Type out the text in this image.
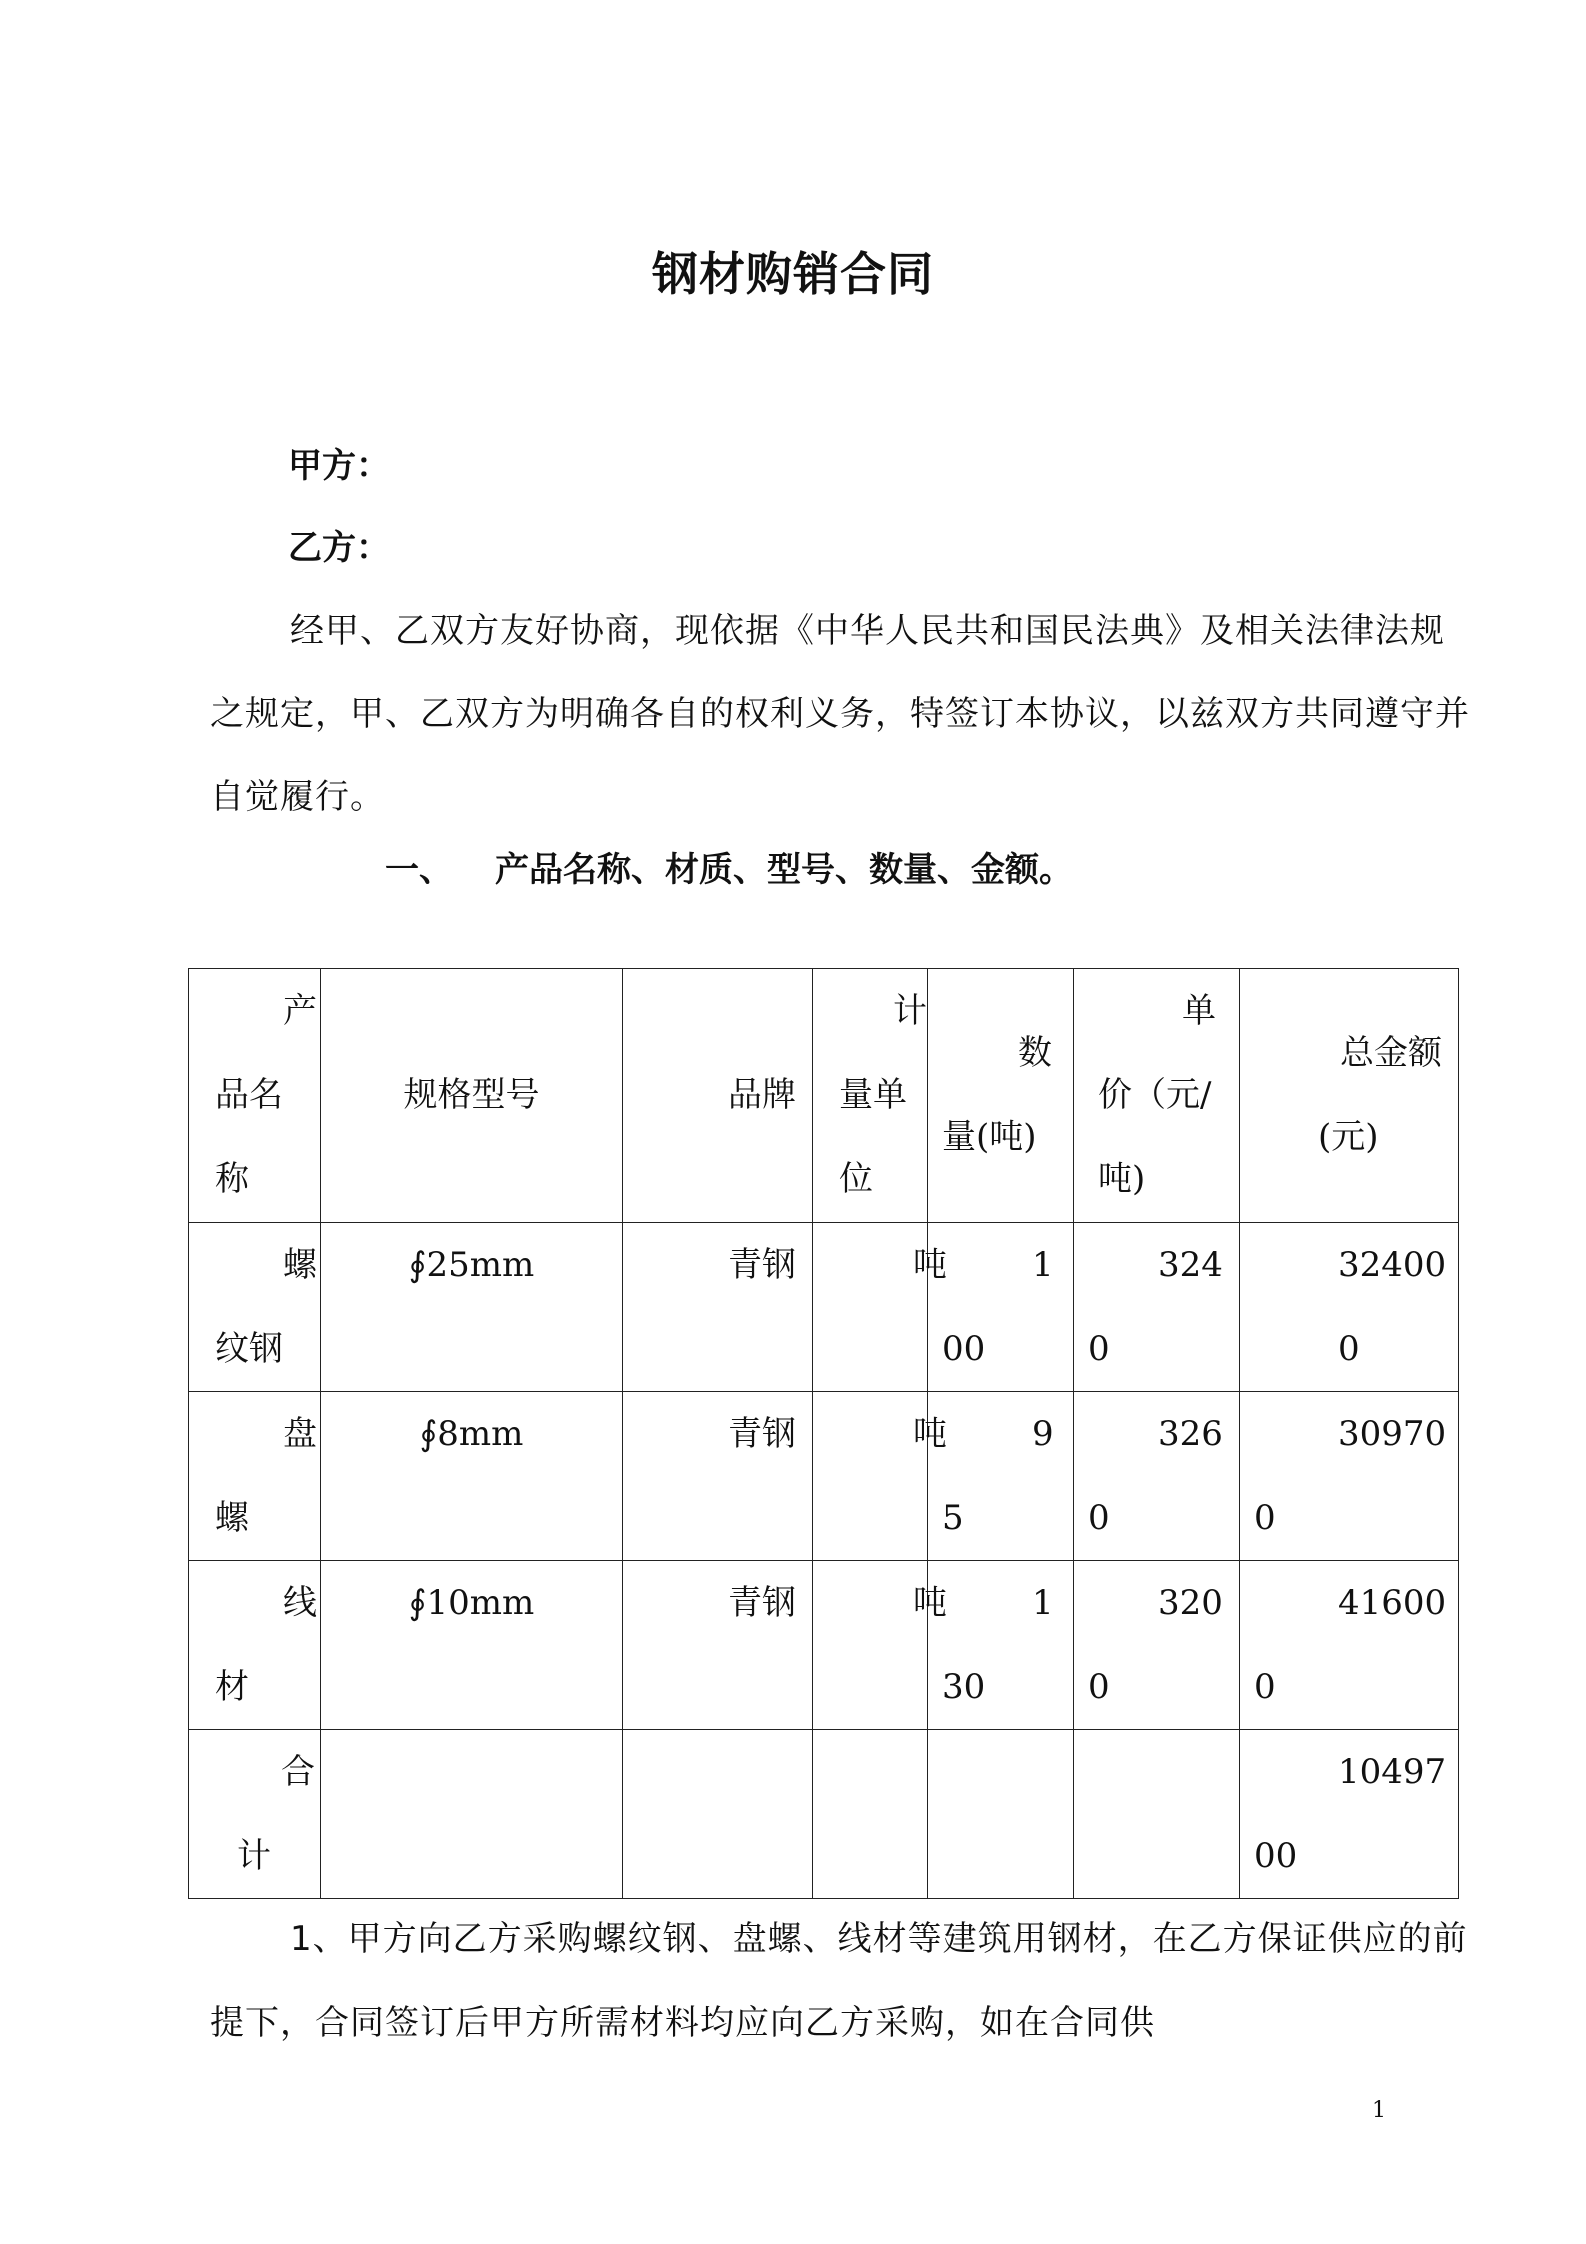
钢材购销合同
甲方：
乙方：

经甲、乙双方友好协商，现依据《中华人民共和国民法典》及相关法律法规之规定，甲、乙双方为明确各自的权利义务，特签订本协议，以兹双方共同遵守并自觉履行。

一、 产品名称、材质、型号、数量、金额。
产品名称	规格型号	品牌	计量单位	数量(吨)	单价（元/吨)	总金额(元)

螺纹钢	∮25mm	青钢	吨	100	3240	324000

盘螺	∮8mm	青钢	吨	95	3260	309700

线材	∮10mm	青钢	吨	130	3200	416000

合计						1049700

1、甲方向乙方采购螺纹钢、盘螺、线材等建筑用钢材，在乙方保证供应的前提下，合同签订后甲方所需材料均应向乙方采购，如在合同供

1
